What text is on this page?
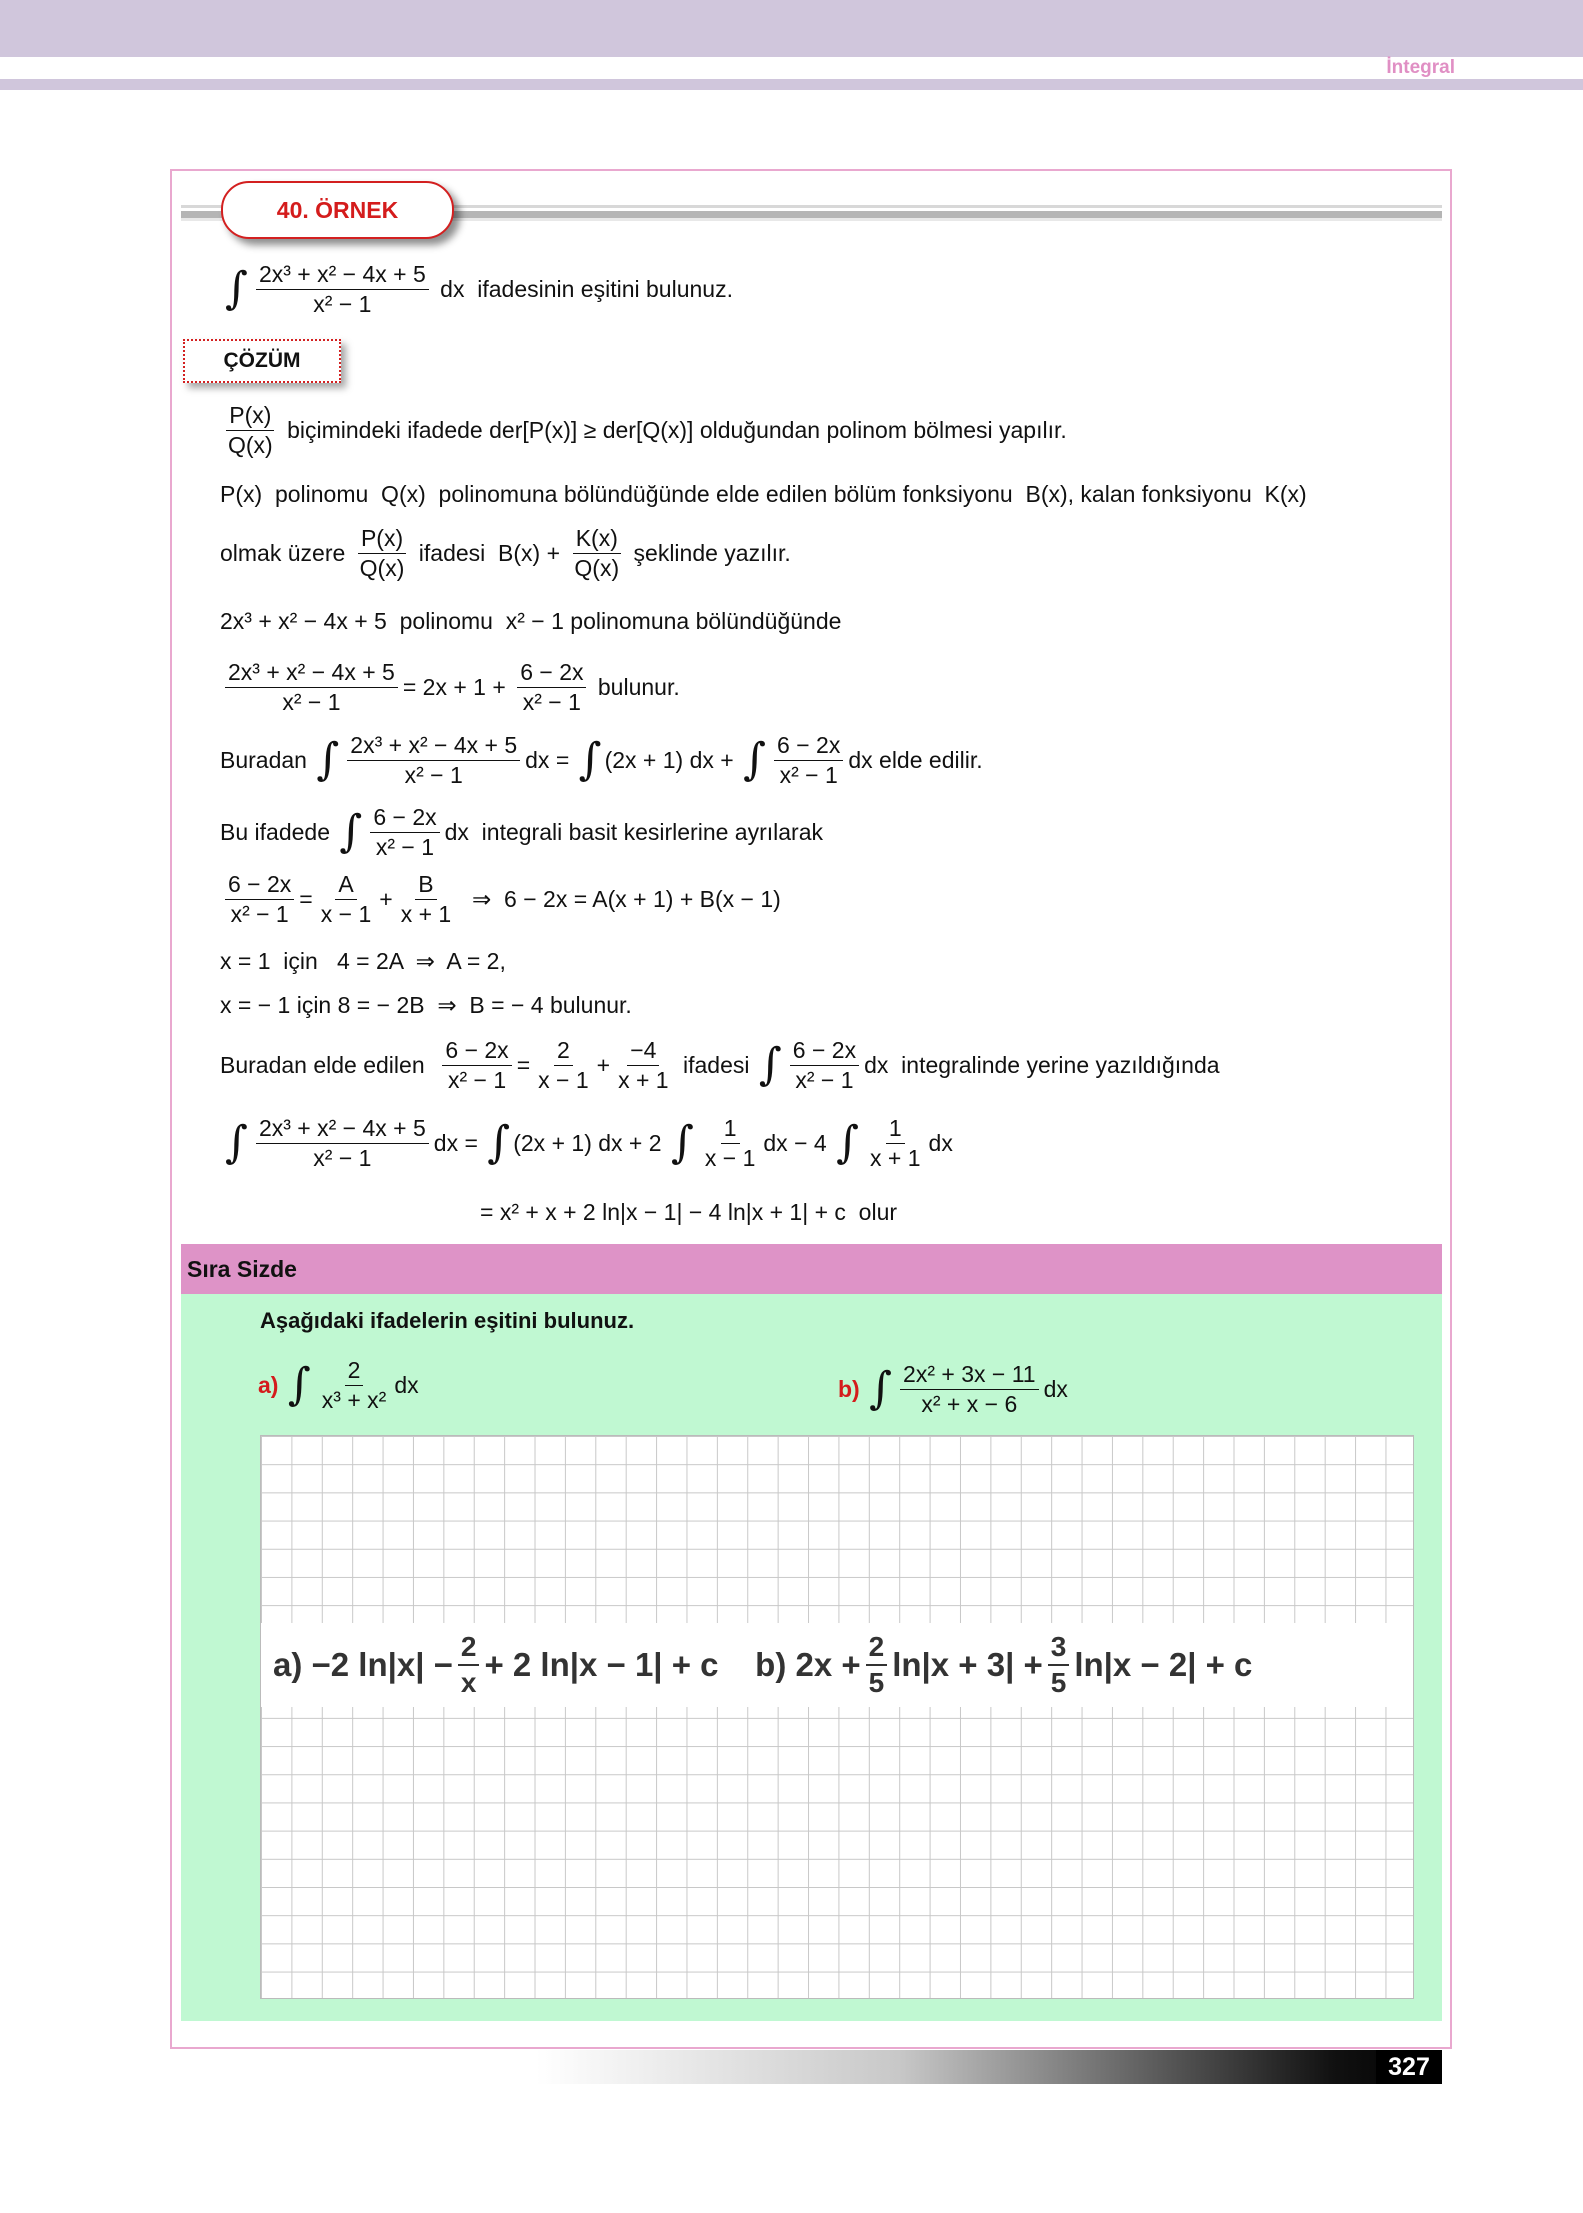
İntegral
40. ÖRNEK
∫ $\frac{\text{2x³ + x² − 4x + 5}}{\text{x² − 1}}$ dx  ifadesinin eşitini bulunuz.
ÇÖZÜM
$\frac{P(x)}{Q(x)}$ biçimindeki ifadede der[P(x)] ≥ der[Q(x)] olduğundan polinom bölmesi yapılır.
P(x)  polinomu  Q(x)  polinomuna bölündüğünde elde edilen bölüm fonksiyonu  B(x), kalan fonksiyonu  K(x)
olmak üzere $\frac{P(x)}{Q(x)}$ ifadesi  $B(x) + \frac{K(x)}{Q(x)}$ şeklinde yazılır.
2x³ + x² − 4x + 5  polinomu  x² − 1 polinomuna bölündüğünde
$\frac{\text{2x³ + x² − 4x + 5}}{\text{x² − 1}} = 2x + 1 + \frac{6 - 2x}{\text{x² − 1}}$ bulunur.
Buradan ∫ $\frac{\text{2x³ + x² − 4x + 5}}{\text{x² − 1}}$ dx = ∫ (2x + 1) dx + ∫ $\frac{6 - 2x}{\text{x² − 1}}$ dx elde edilir.
Bu ifadede ∫ $\frac{6 - 2x}{\text{x² − 1}}$ dx  integrali basit kesirlerine ayrılarak
$\frac{6 - 2x}{\text{x² − 1}} = \frac{A}{x - 1} + \frac{B}{x + 1}$ ⇒  6 − 2x = A(x + 1) + B(x − 1)
x = 1  için   4 = 2A  ⇒  A = 2,
x = − 1 için 8 = − 2B  ⇒  B = − 4 bulunur.
Buradan elde edilen $\frac{6 - 2x}{\text{x² − 1}} = \frac{2}{x - 1} + \frac{-4}{x + 1}$ ifadesi ∫ $\frac{6 - 2x}{\text{x² − 1}}$ dx  integralinde yerine yazıldığında
∫ $\frac{\text{2x³ + x² − 4x + 5}}{\text{x² − 1}}$ dx = ∫ (2x + 1) dx + 2 ∫ $\frac{1}{x - 1}$ dx − 4 ∫ $\frac{1}{x + 1}$ dx
= x² + x + 2 ln|x − 1| − 4 ln|x + 1| + c  olur
Sıra Sizde
Aşağıdaki ifadelerin eşitini bulunuz.
a) ∫ $\frac{2}{\text{x³ + x²}}$ dx	b) ∫ $\frac{\text{2x² + 3x − 11}}{\text{x² + x − 6}}$ dx
a) −2 $\ln|x| - \frac{2}{x} + 2$ ln|x − 1| + c    b) $2x + \frac{2}{5} \ln|x + 3| + \frac{3}{5} \ln|x - 2| + c$
327
